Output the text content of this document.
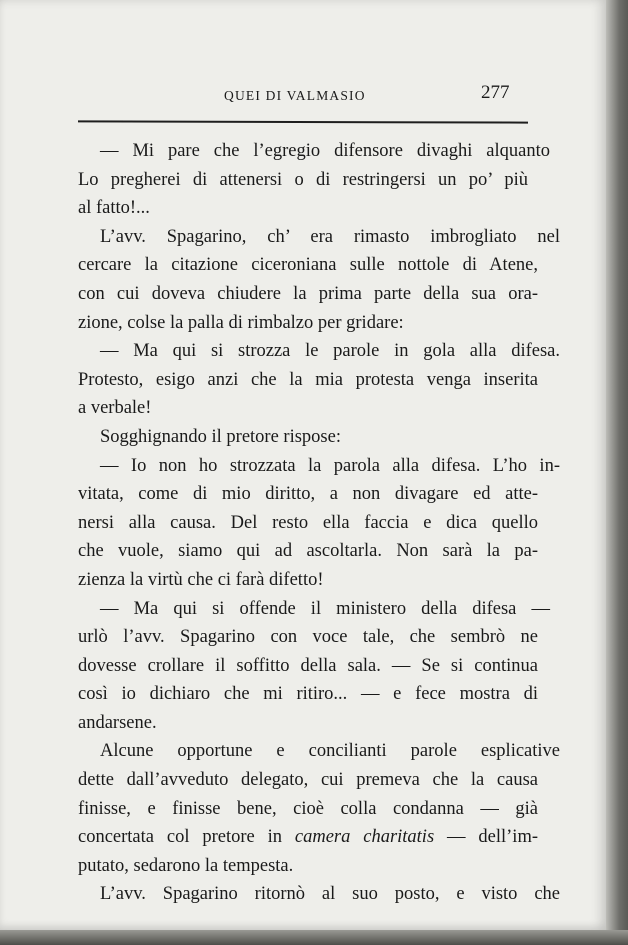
QUEI DI VALMASIO	277
— Mi pare che l’egregio difensore divaghi alquanto
Lo pregherei di attenersi o di restringersi un po’ più
al fatto!...
L’avv. Spagarino, ch’ era rimasto imbrogliato nel
cercare la citazione ciceroniana sulle nottole di Atene,
con cui doveva chiudere la prima parte della sua ora-
zione, colse la palla di rimbalzo per gridare:
— Ma qui si strozza le parole in gola alla difesa.
Protesto, esigo anzi che la mia protesta venga inserita
a verbale!
Sogghignando il pretore rispose:
— Io non ho strozzata la parola alla difesa. L’ho in-
vitata, come di mio diritto, a non divagare ed atte-
nersi alla causa. Del resto ella faccia e dica quello
che vuole, siamo qui ad ascoltarla. Non sarà la pa-
zienza la virtù che ci farà difetto!
— Ma qui si offende il ministero della difesa —
urlò l’avv. Spagarino con voce tale, che sembrò ne
dovesse crollare il soffitto della sala. — Se si continua
così io dichiaro che mi ritiro... — e fece mostra di
andarsene.
Alcune opportune e concilianti parole esplicative
dette dall’avveduto delegato, cui premeva che la causa
finisse, e finisse bene, cioè colla condanna — già
concertata col pretore in camera charitatis — dell’im-
putato, sedarono la tempesta.
L’avv. Spagarino ritornò al suo posto, e visto che
